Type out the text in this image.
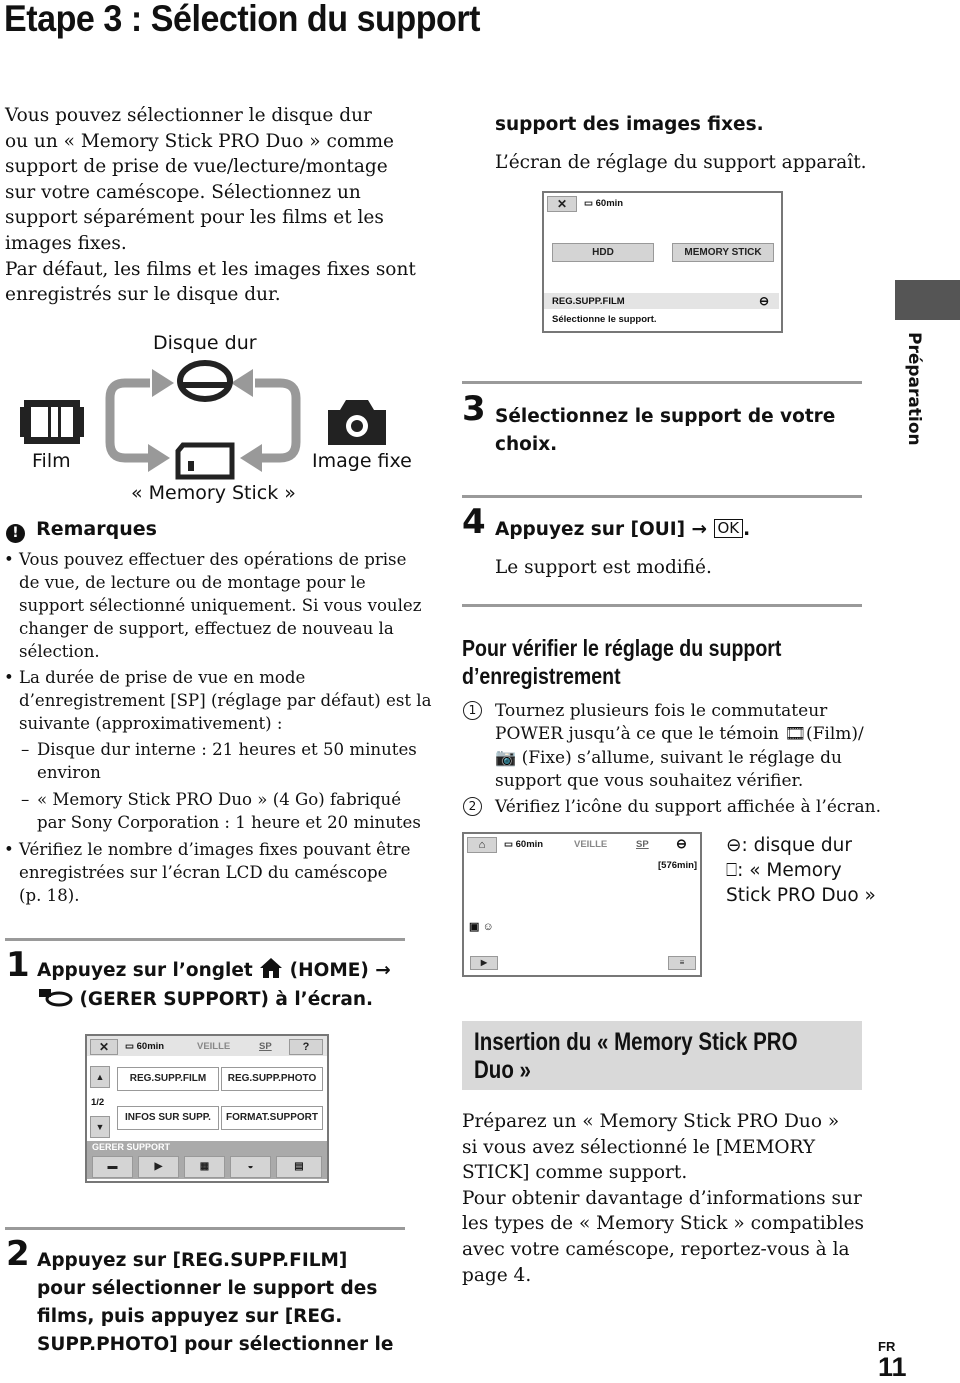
Etape 3 : Sélection du support
Vous pouvez sélectionner le disque dur
ou un « Memory Stick PRO Duo » comme
support de prise de vue/lecture/montage
sur votre caméscope. Sélectionnez un
support séparément pour les films et les
images fixes.
Par défaut, les films et les images fixes sont
enregistrés sur le disque dur.
Disque dur
Film	Image fixe
« Memory Stick »
! Remarques
• Vous pouvez effectuer des opérations de prise
de vue, de lecture ou de montage pour le
support sélectionné uniquement. Si vous voulez
changer de support, effectuez de nouveau la
sélection.
• La durée de prise de vue en mode
d’enregistrement [SP] (réglage par défaut) est la
suivante (approximativement) :
– Disque dur interne : 21 heures et 50 minutes
environ
– « Memory Stick PRO Duo » (4 Go) fabriqué
par Sony Corporation : 1 heure et 20 minutes
• Vérifiez le nombre d’images fixes pouvant être
enregistrées sur l’écran LCD du caméscope
(p. 18).
1 Appuyez sur l’onglet (HOME) →
(GERER SUPPORT) à l’écran.
✕	▭ 60min	VEILLE	SP	?
▲
1/2
▼
REG.SUPP.FILM	REG.SUPP.PHOTO
INFOS SUR SUPP.	FORMAT.SUPPORT
GERER SUPPORT
▬	▶	▦	◒	▤
2 Appuyez sur [REG.SUPP.FILM]
pour sélectionner le support des
films, puis appuyez sur [REG.
SUPP.PHOTO] pour sélectionner le
support des images fixes.
L’écran de réglage du support apparaît.
✕	▭ 60min
HDD	MEMORY STICK
REG.SUPP.FILM	⊖
Sélectionne le support.
3 Sélectionnez le support de votre
choix.
4 Appuyez sur [OUI] → OK .
Le support est modifié.
Pour vérifier le réglage du support
d’enregistrement
1 Tournez plusieurs fois le commutateur
POWER jusqu’à ce que le témoin 🎞(Film)/
📷 (Fixe) s’allume, suivant le réglage du
support que vous souhaitez vérifier.
2 Vérifiez l’icône du support affichée à l’écran.
⌂	▭ 60min	VEILLE	SP ⊖
[576min]
▣ ☺
▶	≡
⊖: disque dur
⎕: « Memory
Stick PRO Duo »
Préparation
Insertion du « Memory Stick PRO
Duo »
Préparez un « Memory Stick PRO Duo »
si vous avez sélectionné le [MEMORY
STICK] comme support.
Pour obtenir davantage d’informations sur
les types de « Memory Stick » compatibles
avec votre caméscope, reportez-vous à la
page 4.
FR
11
